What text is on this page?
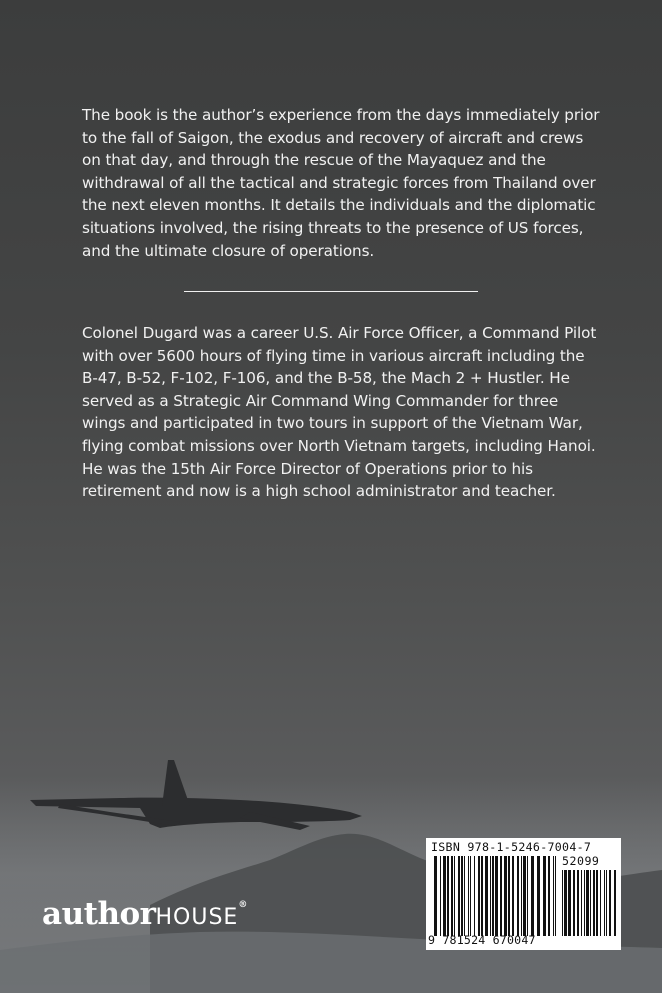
The book is the author’s experience from the days immediately prior to the fall of Saigon, the exodus and recovery of aircraft and crews on that day, and through the rescue of the Mayaquez and the withdrawal of all the tactical and strategic forces from Thailand over the next eleven months. It details the individuals and the diplomatic situations involved, the rising threats to the presence of US forces, and the ultimate closure of operations.
Colonel Dugard was a career U.S. Air Force Officer, a Command Pilot with over 5600 hours of flying time in various aircraft including the B-47, B-52, F-102, F-106, and the B-58, the Mach 2 + Hustler. He served as a Strategic Air Command Wing Commander for three wings and participated in two tours in support of the Vietnam War, flying combat missions over North Vietnam targets, including Hanoi. He was the 15th Air Force Director of Operations prior to his retirement and now is a high school administrator and teacher.
authorHOUSE®
ISBN 978-1-5246-7004-7
52099
9 781524 670047
